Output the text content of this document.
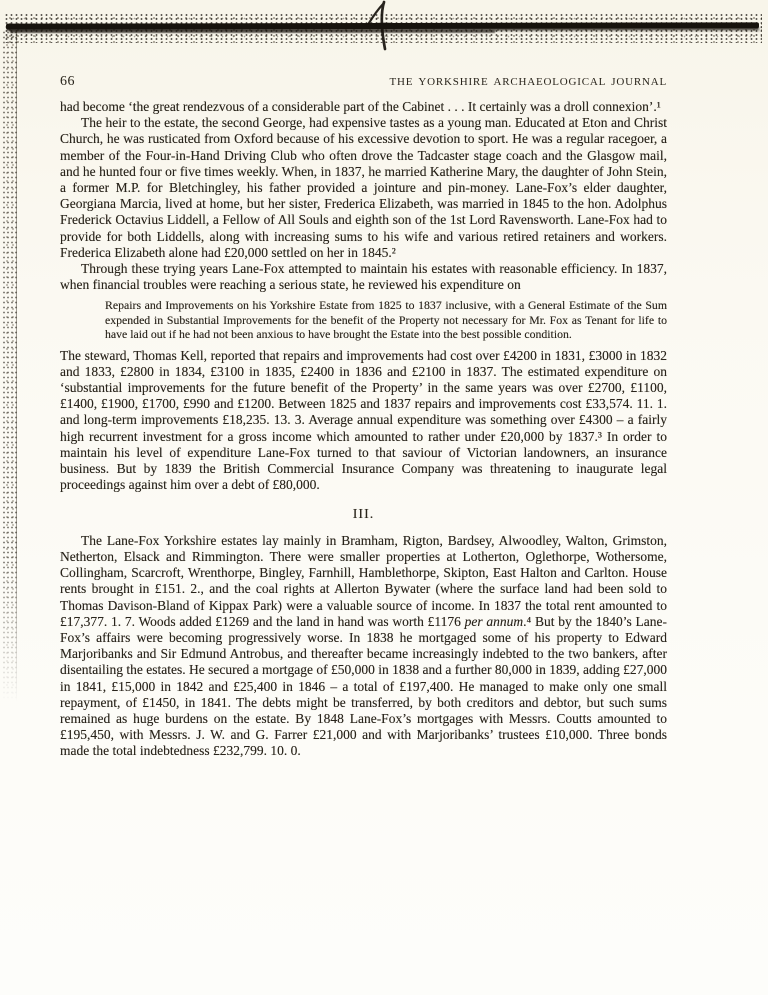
66	THE YORKSHIRE ARCHAEOLOGICAL JOURNAL

had become ‘the great rendezvous of a considerable part of the Cabinet . . . It certainly was a droll connexion’.¹

The heir to the estate, the second George, had expensive tastes as a young man. Educated at Eton and Christ Church, he was rusticated from Oxford because of his excessive devotion to sport. He was a regular racegoer, a member of the Four-in-Hand Driving Club who often drove the Tadcaster stage coach and the Glasgow mail, and he hunted four or five times weekly. When, in 1837, he married Katherine Mary, the daughter of John Stein, a former M.P. for Bletchingley, his father provided a jointure and pin-money. Lane-Fox’s elder daughter, Georgiana Marcia, lived at home, but her sister, Frederica Elizabeth, was married in 1845 to the hon. Adolphus Frederick Octavius Liddell, a Fellow of All Souls and eighth son of the 1st Lord Ravensworth. Lane-Fox had to provide for both Liddells, along with increasing sums to his wife and various retired retainers and workers. Frederica Elizabeth alone had £20,000 settled on her in 1845.²

Through these trying years Lane-Fox attempted to maintain his estates with reasonable efficiency. In 1837, when financial troubles were reaching a serious state, he reviewed his expenditure on

Repairs and Improvements on his Yorkshire Estate from 1825 to 1837 inclusive, with a General Estimate of the Sum expended in Substantial Improvements for the benefit of the Property not necessary for Mr. Fox as Tenant for life to have laid out if he had not been anxious to have brought the Estate into the best possible condition.

The steward, Thomas Kell, reported that repairs and improvements had cost over £4200 in 1831, £3000 in 1832 and 1833, £2800 in 1834, £3100 in 1835, £2400 in 1836 and £2100 in 1837. The estimated expenditure on ‘substantial improvements for the future benefit of the Property’ in the same years was over £2700, £1100, £1400, £1900, £1700, £990 and £1200. Between 1825 and 1837 repairs and improvements cost £33,574. 11. 1. and long-term improvements £18,235. 13. 3. Average annual expenditure was something over £4300 – a fairly high recurrent investment for a gross income which amounted to rather under £20,000 by 1837.³ In order to maintain his level of expenditure Lane-Fox turned to that saviour of Victorian landowners, an insurance business. But by 1839 the British Commercial Insurance Company was threatening to inaugurate legal proceedings against him over a debt of £80,000.

III.

The Lane-Fox Yorkshire estates lay mainly in Bramham, Rigton, Bardsey, Alwoodley, Walton, Grimston, Netherton, Elsack and Rimmington. There were smaller properties at Lotherton, Oglethorpe, Wothersome, Collingham, Scarcroft, Wrenthorpe, Bingley, Farnhill, Hamblethorpe, Skipton, East Halton and Carlton. House rents brought in £151. 2., and the coal rights at Allerton Bywater (where the surface land had been sold to Thomas Davison-Bland of Kippax Park) were a valuable source of income. In 1837 the total rent amounted to £17,377. 1. 7. Woods added £1269 and the land in hand was worth £1176 per annum.⁴ But by the 1840’s Lane-Fox’s affairs were becoming progressively worse. In 1838 he mortgaged some of his property to Edward Marjoribanks and Sir Edmund Antrobus, and thereafter became increasingly indebted to the two bankers, after disentailing the estates. He secured a mortgage of £50,000 in 1838 and a further 80,000 in 1839, adding £27,000 in 1841, £15,000 in 1842 and £25,400 in 1846 – a total of £197,400. He managed to make only one small repayment, of £1450, in 1841. The debts might be transferred, by both creditors and debtor, but such sums remained as huge burdens on the estate. By 1848 Lane-Fox’s mortgages with Messrs. Coutts amounted to £195,450, with Messrs. J. W. and G. Farrer £21,000 and with Marjoribanks’ trustees £10,000. Three bonds made the total indebtedness £232,799. 10. 0.
